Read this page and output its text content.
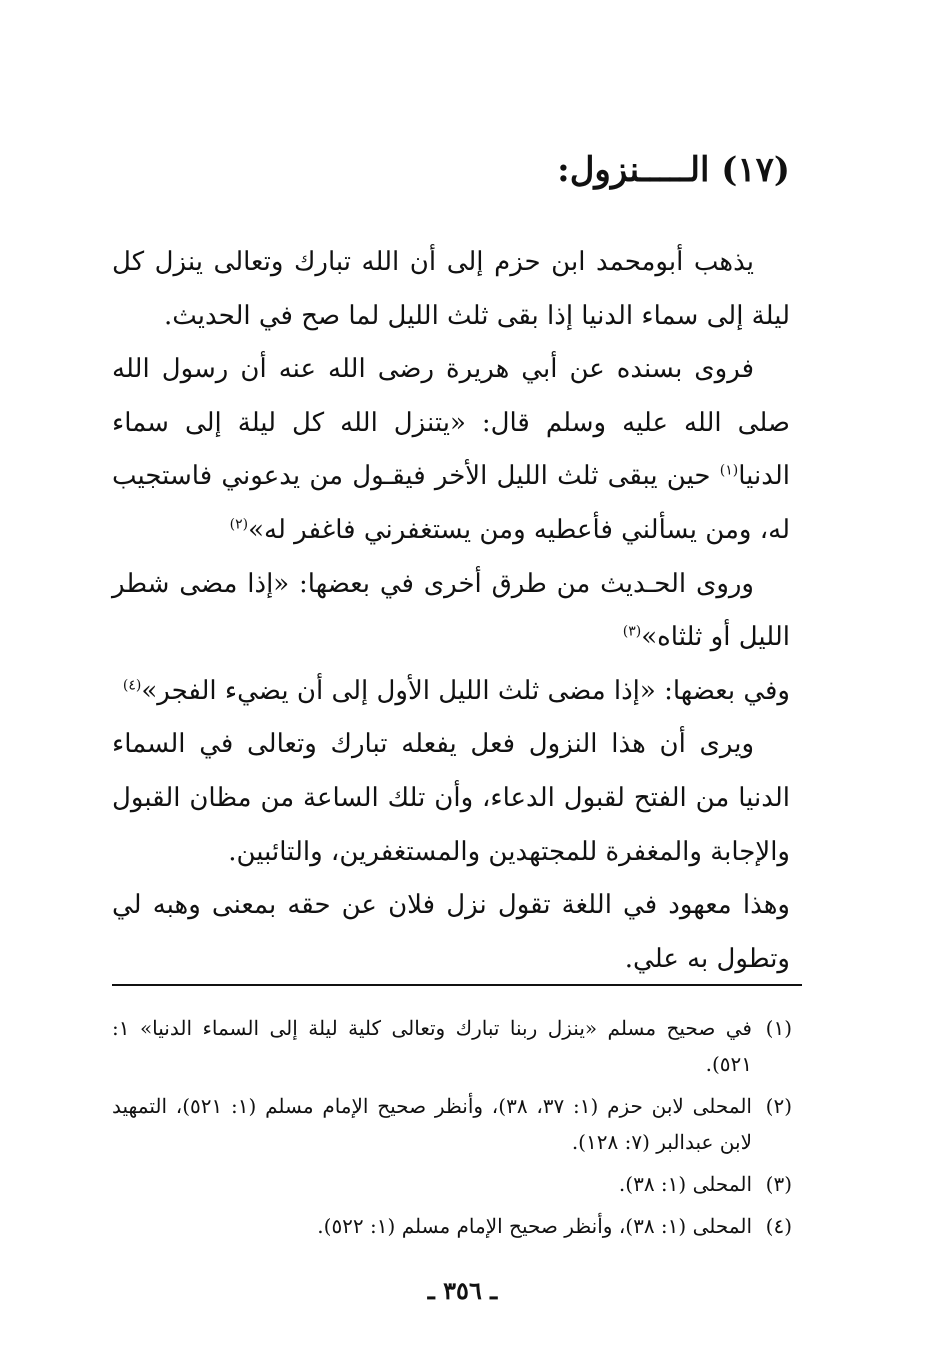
(١٧) الـــــنزول:

يذهب أبومحمد ابن حزم إلى أن الله تبارك وتعالى ينزل كل ليلة إلى سماء الدنيا إذا بقى ثلث الليل لما صح في الحديث.

فروى بسنده عن أبي هريرة رضى الله عنه أن رسول الله صلى الله عليه وسلم قال: «يتنزل الله كل ليلة إلى سماء الدنيا$^{(١)}$ حين يبقى ثلث الليل الأخر فيقـول من يدعوني فاستجيب له، ومن يسألني فأعطيه ومن يستغفرني فاغفر له»$^{(٢)}$

وروى الحـديث من طرق أخرى في بعضها: «إذا مضى شطر الليل أو ثلثاه»$^{(٣)}$

وفي بعضها: «إذا مضى ثلث الليل الأول إلى أن يضيء الفجر»$^{(٤)}$

ويرى أن هذا النزول فعل يفعله تبارك وتعالى في السماء الدنيا من الفتح لقبول الدعاء، وأن تلك الساعة من مظان القبول والإجابة والمغفرة للمجتهدين والمستغفرين، والتائبين.

وهذا معهود في اللغة تقول نزل فلان عن حقه بمعنى وهبه لي وتطول به علي.

(١)
في صحيح مسلم «ينزل ربنا تبارك وتعالى كلية ليلة إلى السماء الدنيا» ١: ٥٢١).
(٢)
المحلى لابن حزم (١: ٣٧، ٣٨)، وأنظر صحيح الإمام مسلم (١: ٥٢١)، التمهيد لابن عبدالبر (٧: ١٢٨).
(٣)
المحلى (١: ٣٨).
(٤)
المحلى (١: ٣٨)، وأنظر صحيح الإمام مسلم (١: ٥٢٢).
ـ ٣٥٦ ـ
